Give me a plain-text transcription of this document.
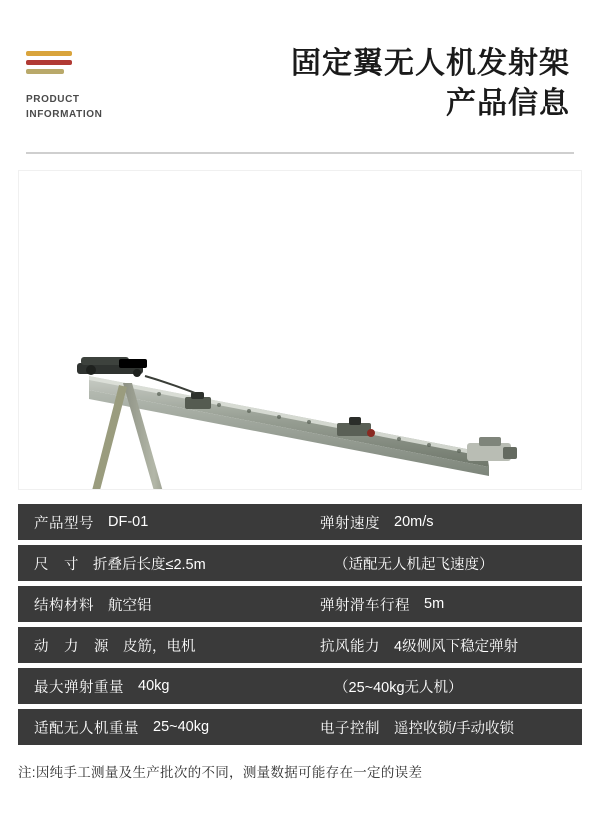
PRODUCT
INFORMATION
固定翼无人机发射架
产品信息
产品型号 DF-01	弹射速度 20m/s
尺　寸 折叠后长度≤2.5m	（适配无人机起飞速度）
结构材料 航空铝	弹射滑车行程 5m
动　力　源 皮筋，电机	抗风能力 4级侧风下稳定弹射
最大弹射重量 40kg	（25~40kg无人机）
适配无人机重量 25~40kg	电子控制 遥控收锁/手动收锁
注:因纯手工测量及生产批次的不同，测量数据可能存在一定的误差
